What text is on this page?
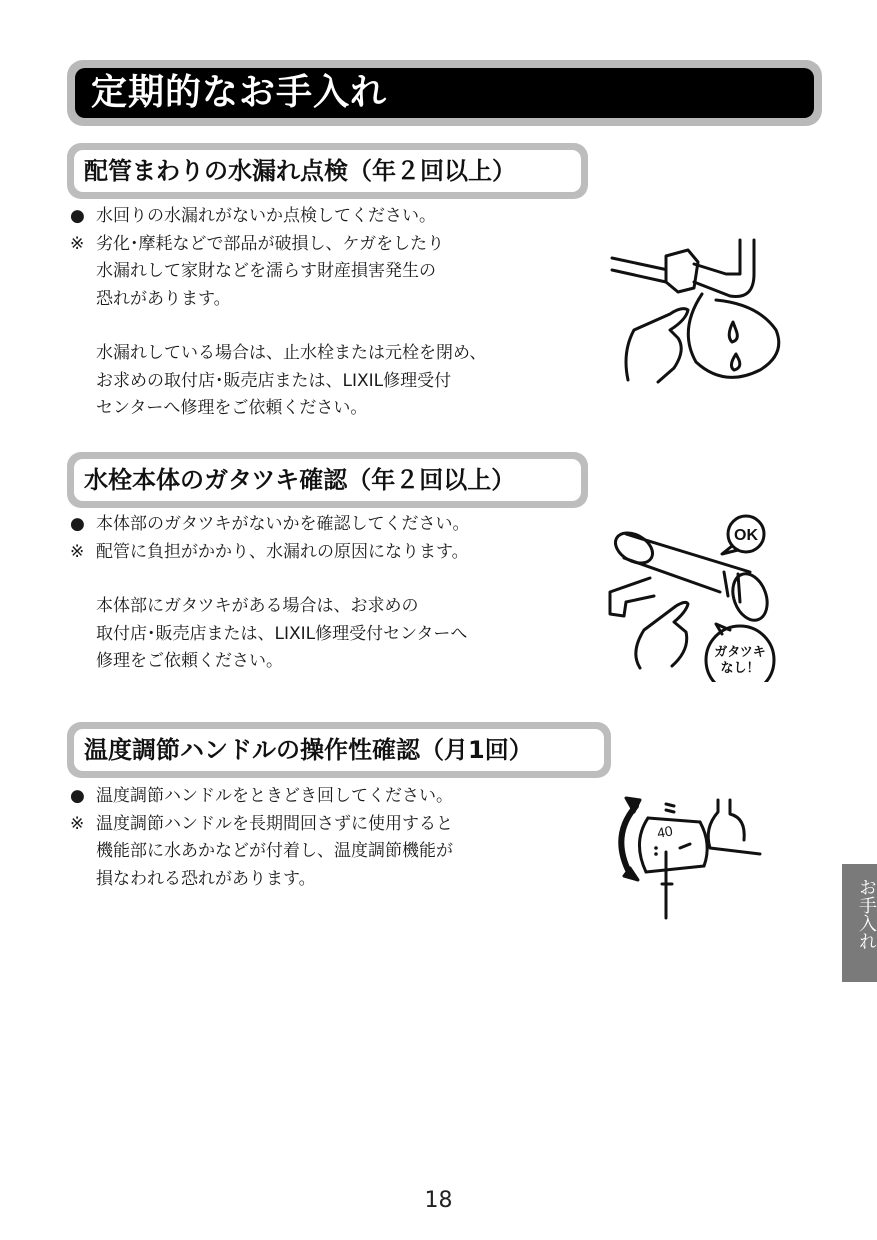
定期的なお手入れ
配管まわりの水漏れ点検（年２回以上）
● 水回りの水漏れがないか点検してください。
※ 劣化･摩耗などで部品が破損し、ケガをしたり
水漏れして家財などを濡らす財産損害発生の
恐れがあります。
水漏れしている場合は、止水栓または元栓を閉め、
お求めの取付店･販売店または、LIXIL修理受付
センターへ修理をご依頼ください。
水栓本体のガタツキ確認（年２回以上）
● 本体部のガタツキがないかを確認してください。
※ 配管に負担がかかり、水漏れの原因になります。
本体部にガタツキがある場合は、お求めの
取付店･販売店または、LIXIL修理受付センターへ
修理をご依頼ください。
OK
ガタツキ
なし！
温度調節ハンドルの操作性確認（月1回）
● 温度調節ハンドルをときどき回してください。
※ 温度調節ハンドルを長期間回さずに使用すると
機能部に水あかなどが付着し、温度調節機能が
損なわれる恐れがあります。
40
お手入れ
18
